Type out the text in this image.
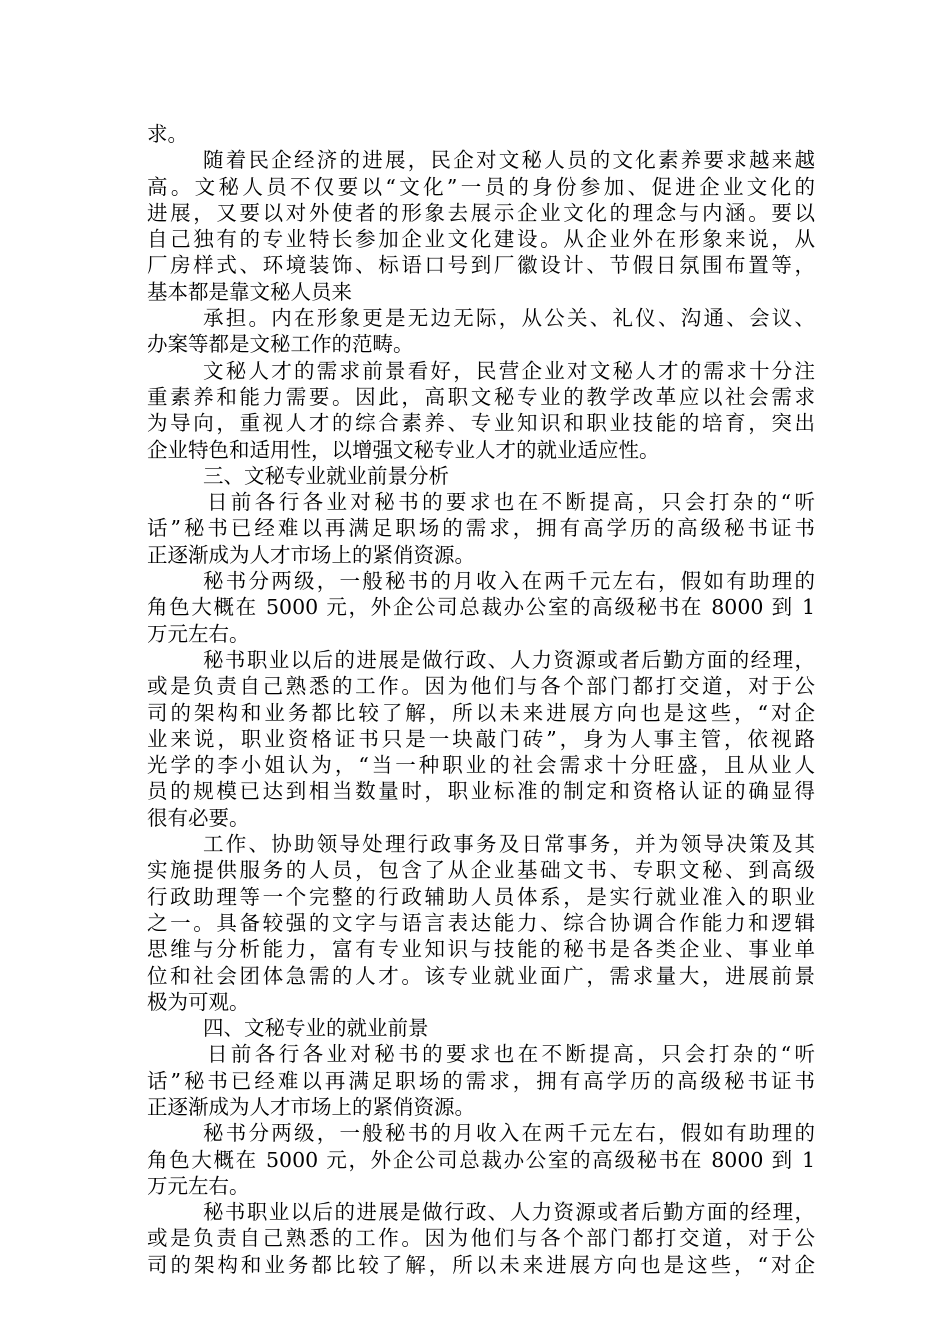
求。
随着民企经济的进展，民企对文秘人员的文化素养要求越来越
高。文秘人员不仅要以“文化”一员的身份参加、促进企业文化的
进展，又要以对外使者的形象去展示企业文化的理念与内涵。要以
自己独有的专业特长参加企业文化建设。从企业外在形象来说，从
厂房样式、环境装饰、标语口号到厂徽设计、节假日氛围布置等，
基本都是靠文秘人员来
承担。内在形象更是无边无际，从公关、礼仪、沟通、会议、
办案等都是文秘工作的范畴。
文秘人才的需求前景看好，民营企业对文秘人才的需求十分注
重素养和能力需要。因此，高职文秘专业的教学改革应以社会需求
为导向，重视人才的综合素养、专业知识和职业技能的培育，突出
企业特色和适用性，以增强文秘专业人才的就业适应性。
三、文秘专业就业前景分析
日前各行各业对秘书的要求也在不断提高，只会打杂的“听
话”秘书已经难以再满足职场的需求，拥有高学历的高级秘书证书
正逐渐成为人才市场上的紧俏资源。
秘书分两级，一般秘书的月收入在两千元左右，假如有助理的
角色大概在 5000 元，外企公司总裁办公室的高级秘书在 8000 到 1
万元左右。
秘书职业以后的进展是做行政、人力资源或者后勤方面的经理，
或是负责自己熟悉的工作。因为他们与各个部门都打交道，对于公
司的架构和业务都比较了解，所以未来进展方向也是这些，“对企
业来说，职业资格证书只是一块敲门砖”，身为人事主管，依视路
光学的李小姐认为，“当一种职业的社会需求十分旺盛，且从业人
员的规模已达到相当数量时，职业标准的制定和资格认证的确显得
很有必要。
工作、协助领导处理行政事务及日常事务，并为领导决策及其
实施提供服务的人员，包含了从企业基础文书、专职文秘、到高级
行政助理等一个完整的行政辅助人员体系，是实行就业准入的职业
之一。具备较强的文字与语言表达能力、综合协调合作能力和逻辑
思维与分析能力，富有专业知识与技能的秘书是各类企业、事业单
位和社会团体急需的人才。该专业就业面广，需求量大，进展前景
极为可观。
四、文秘专业的就业前景
日前各行各业对秘书的要求也在不断提高，只会打杂的“听
话”秘书已经难以再满足职场的需求，拥有高学历的高级秘书证书
正逐渐成为人才市场上的紧俏资源。
秘书分两级，一般秘书的月收入在两千元左右，假如有助理的
角色大概在 5000 元，外企公司总裁办公室的高级秘书在 8000 到 1
万元左右。
秘书职业以后的进展是做行政、人力资源或者后勤方面的经理，
或是负责自己熟悉的工作。因为他们与各个部门都打交道，对于公
司的架构和业务都比较了解，所以未来进展方向也是这些，“对企
